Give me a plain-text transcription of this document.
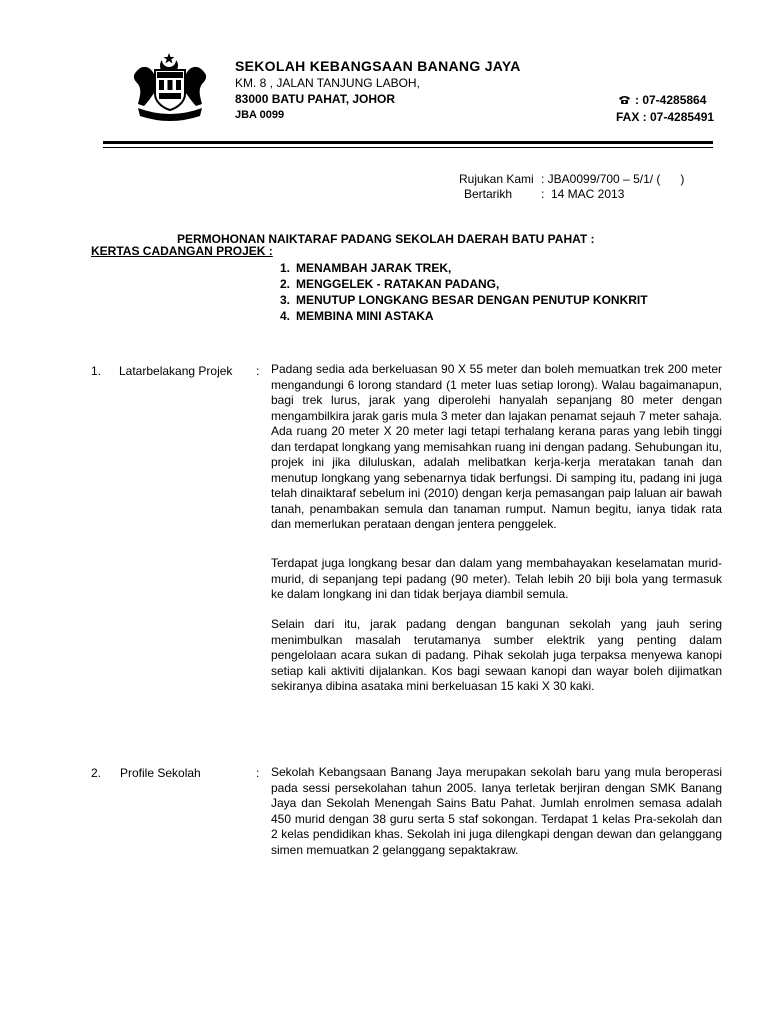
SEKOLAH KEBANGSAAN BANANG JAYA
KM. 8 , JALAN TANJUNG LABOH,
83000 BATU PAHAT, JOHOR
JBA 0099
: 07-4285864
FAX : 07-4285491
Rujukan Kami : JBA0099/700 – 5/1/ (      )
Bertarikh :  14 MAC 2013
PERMOHONAN NAIKTARAF PADANG SEKOLAH DAERAH BATU PAHAT :
KERTAS CADANGAN PROJEK :
1. MENAMBAH JARAK TREK,
2. MENGGELEK - RATAKAN PADANG,
3. MENUTUP LONGKANG BESAR DENGAN PENUTUP KONKRIT
4. MEMBINA MINI ASTAKA
1. Latarbelakang Projek : Padang sedia ada berkeluasan 90 X 55 meter dan boleh memuatkan trek 200 meter mengandungi 6 lorong standard (1 meter luas setiap lorong). Walau bagaimanapun, bagi trek lurus, jarak yang diperolehi hanyalah sepanjang 80 meter dengan mengambilkira jarak garis mula 3 meter dan lajakan penamat sejauh 7 meter sahaja. Ada ruang 20 meter X 20 meter lagi tetapi terhalang kerana paras yang lebih tinggi dan terdapat longkang yang memisahkan ruang ini dengan padang. Sehubungan itu, projek ini jika diluluskan, adalah melibatkan kerja-kerja meratakan tanah dan menutup longkang yang sebenarnya tidak berfungsi. Di samping itu, padang ini juga telah dinaiktaraf sebelum ini (2010) dengan kerja pemasangan paip laluan air bawah tanah, penambakan semula dan tanaman rumput. Namun begitu, ianya tidak rata dan memerlukan perataan dengan jentera penggelek.

Terdapat juga longkang besar dan dalam yang membahayakan keselamatan murid-murid, di sepanjang tepi padang (90 meter). Telah lebih 20 biji bola yang termasuk ke dalam longkang ini dan tidak berjaya diambil semula.

Selain dari itu, jarak padang dengan bangunan sekolah yang jauh sering menimbulkan masalah terutamanya sumber elektrik yang penting dalam pengelolaan acara sukan di padang. Pihak sekolah juga terpaksa menyewa kanopi setiap kali aktiviti dijalankan. Kos bagi sewaan kanopi dan wayar boleh dijimatkan sekiranya dibina asataka mini berkeluasan 15 kaki X 30 kaki.

2. Profile Sekolah	: Sekolah Kebangsaan Banang Jaya merupakan sekolah baru yang mula beroperasi pada sessi persekolahan tahun 2005. Ianya terletak berjiran dengan SMK Banang Jaya dan Sekolah Menengah Sains Batu Pahat. Jumlah enrolmen semasa adalah 450 murid dengan 38 guru serta 5 staf sokongan. Terdapat 1 kelas Pra-sekolah dan 2 kelas pendidikan khas. Sekolah ini juga dilengkapi dengan dewan dan gelanggang simen memuatkan 2 gelanggang sepaktakraw.
